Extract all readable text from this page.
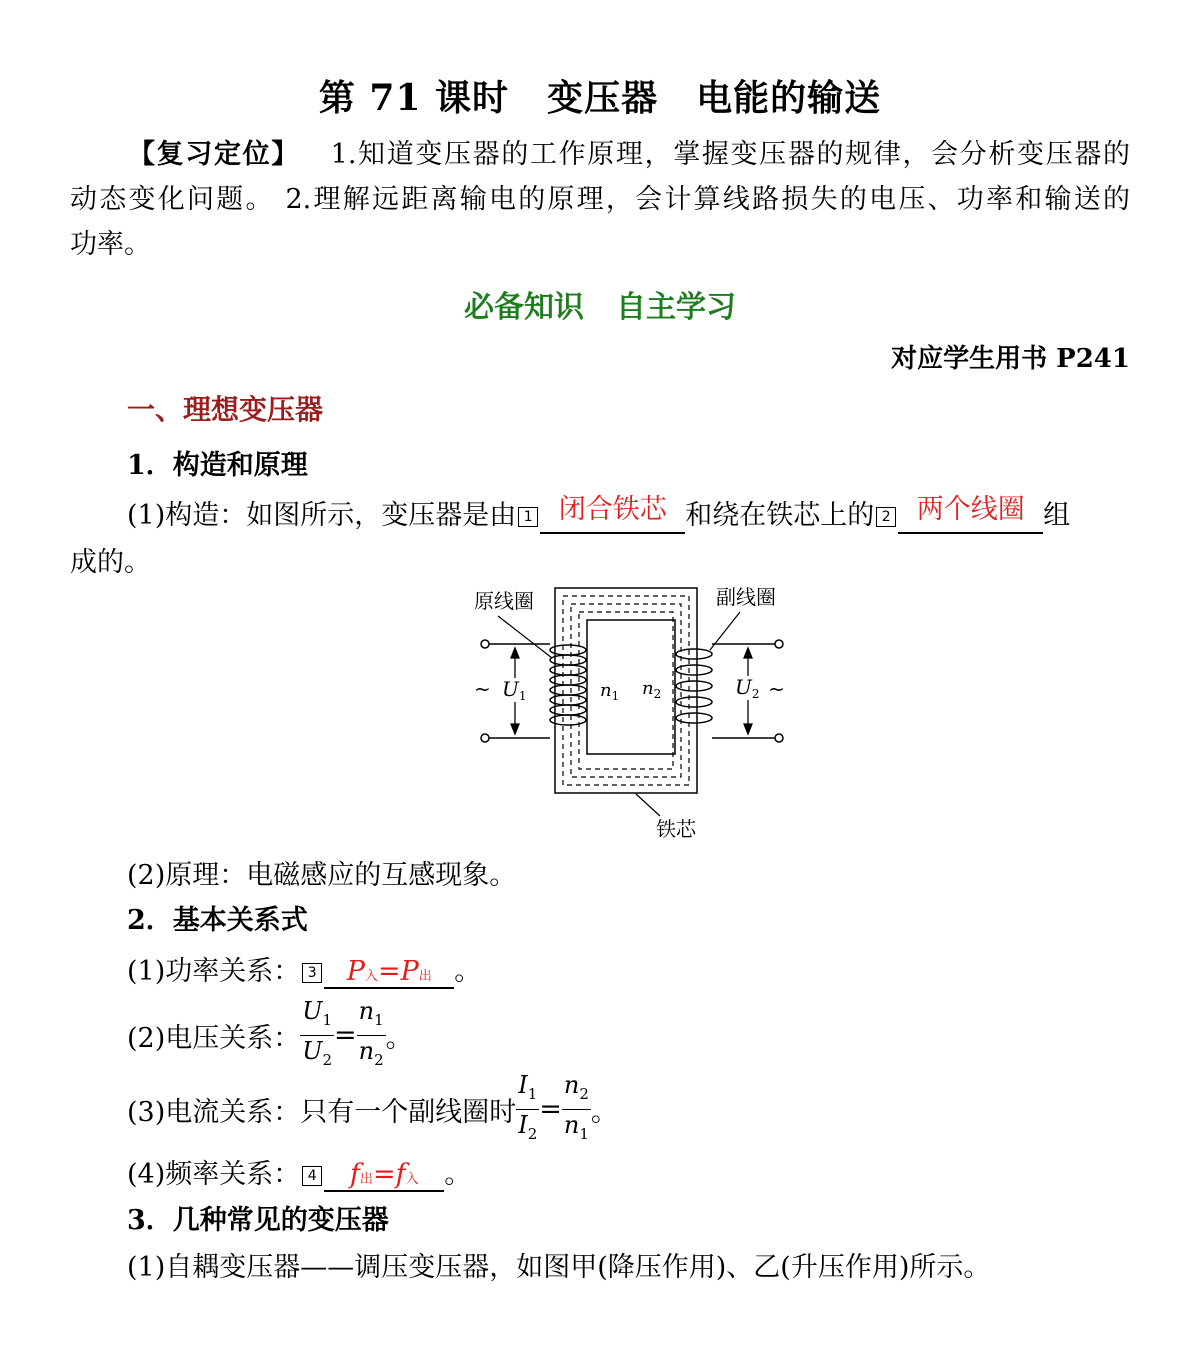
第 71 课时 变压器 电能的输送
【复习定位】 1.知道变压器的工作原理，掌握变压器的规律，会分析变压器的
动态变化问题。 2.理解远距离输电的原理，会计算线路损失的电压、功率和输送的
功率。
必备知识 自主学习
对应学生用书 P241
一、理想变压器
1．构造和原理
(1)构造：如图所示，变压器是由 1 闭合铁芯 和绕在铁芯上的 2 两个线圈 组
成的。
原线圈	副线圈
铁芯
~	~
$U_1$	$U_2$
$n_1$ $n_2$
(2)原理：电磁感应的互感现象。
2．基本关系式
(1)功率关系： 3 P入=P出 。
(2)电压关系： $\frac{U_1}{U_2} = \frac{n_1}{n_2}$ 。
(3)电流关系：只有一个副线圈时 $\frac{I_1}{I_2} = \frac{n_2}{n_1}$ 。
(4)频率关系： 4 f出=f入 。
3．几种常见的变压器
(1)自耦变压器——调压变压器，如图甲(降压作用)、乙(升压作用)所示。
